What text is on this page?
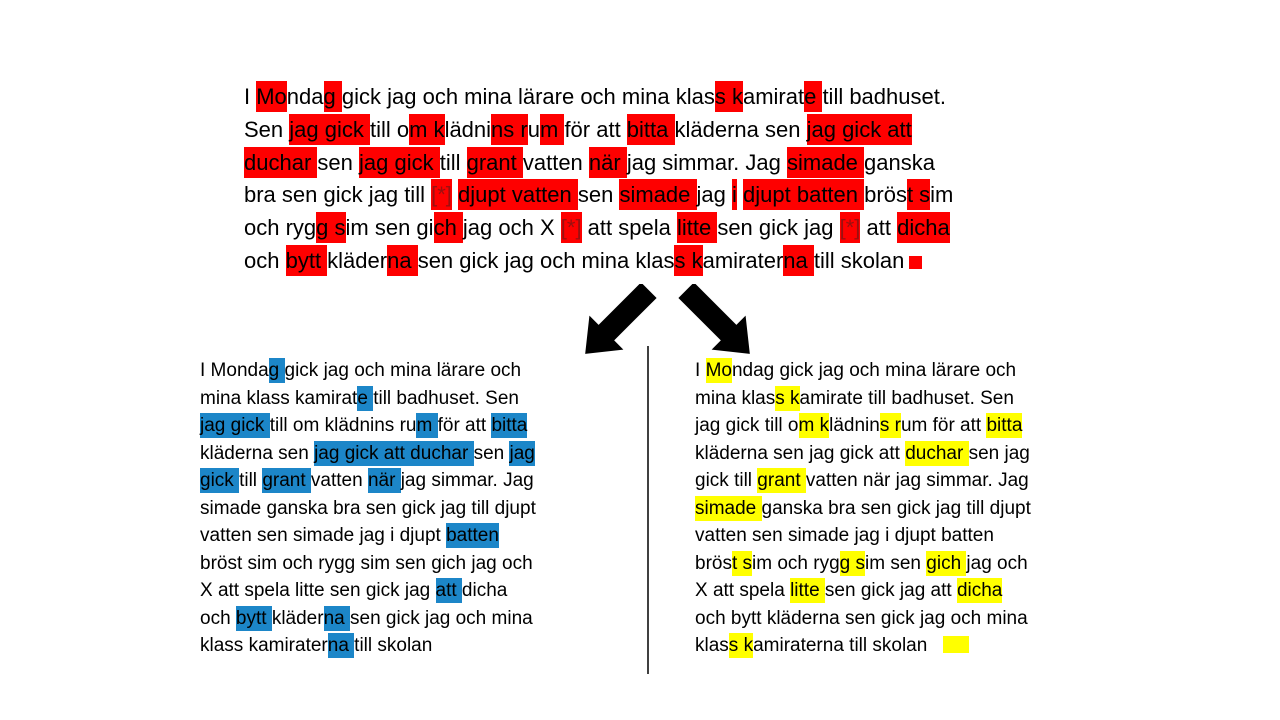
I Mondag gick jag och mina lärare och mina klass kamirate till badhuset.
Sen jag gick till om klädnins rum för att bitta kläderna sen jag gick att
duchar sen jag gick till grant vatten när jag simmar. Jag simade ganska
bra sen gick jag till [*] djupt vatten sen simade jag i djupt batten bröst sim
och rygg sim sen gich jag och X [*] att spela litte sen gick jag [*] att dicha
och bytt kläderna sen gick jag och mina klass kamiraterna till skolan
I Mondag gick jag och mina lärare och
mina klass kamirate till badhuset. Sen
jag gick till om klädnins rum för att bitta
kläderna sen jag gick att duchar sen jag
gick till grant vatten när jag simmar. Jag
simade ganska bra sen gick jag till djupt
vatten sen simade jag i djupt batten
bröst sim och rygg sim sen gich jag och
X att spela litte sen gick jag att dicha
och bytt kläderna sen gick jag och mina
klass kamiraterna till skolan
I Mondag gick jag och mina lärare och
mina klass kamirate till badhuset. Sen
jag gick till om klädnins rum för att bitta
kläderna sen jag gick att duchar sen jag
gick till grant vatten när jag simmar. Jag
simade ganska bra sen gick jag till djupt
vatten sen simade jag i djupt batten
bröst sim och rygg sim sen gich jag och
X att spela litte sen gick jag att dicha
och bytt kläderna sen gick jag och mina
klass kamiraterna till skolan
